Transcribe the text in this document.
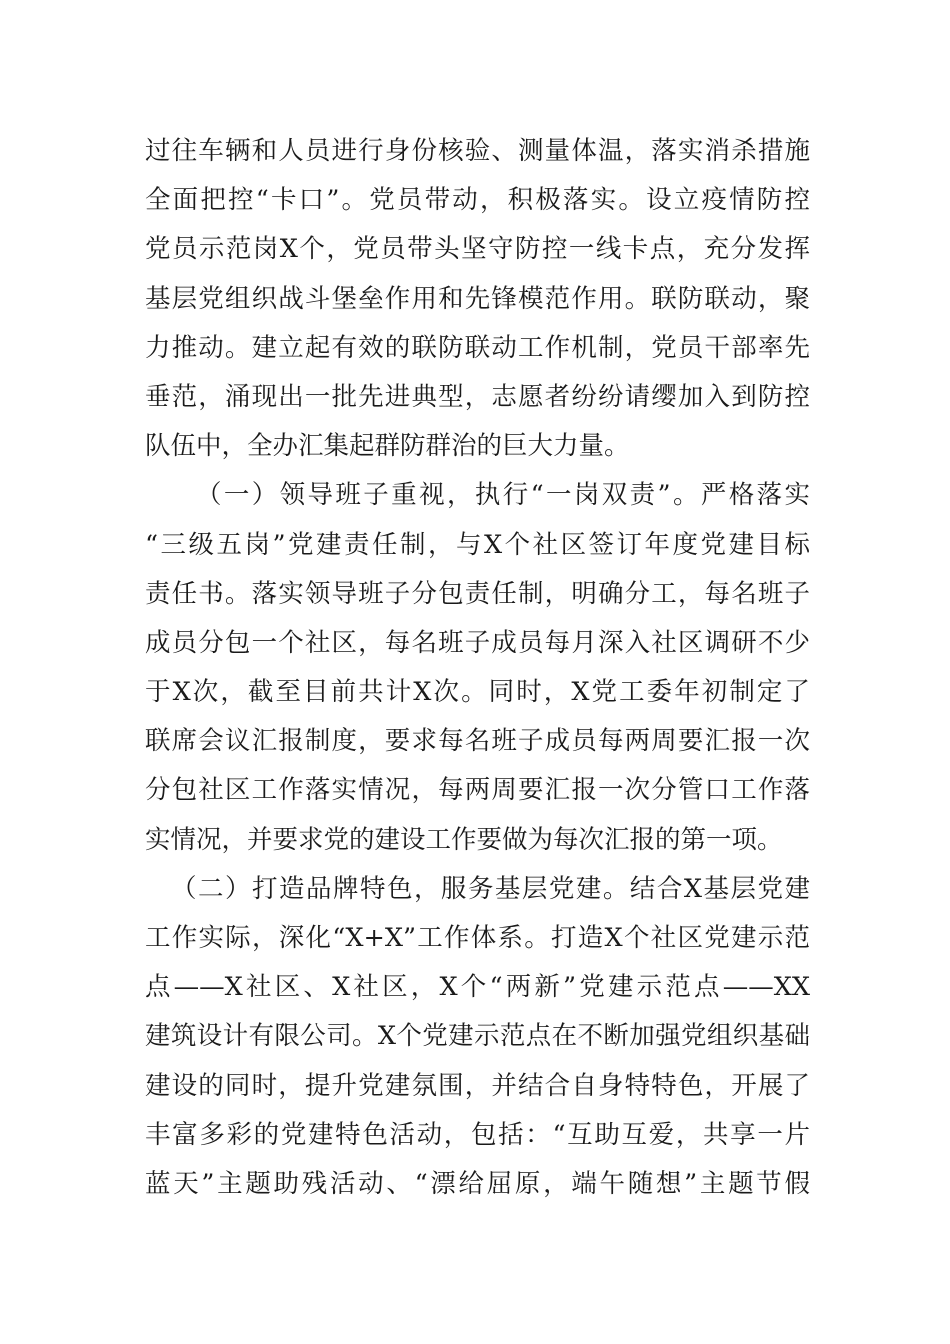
过往车辆和人员进行身份核验、测量体温，落实消杀措施
全面把控“卡口”。党员带动，积极落实。设立疫情防控
党员示范岗X个，党员带头坚守防控一线卡点，充分发挥
基层党组织战斗堡垒作用和先锋模范作用。联防联动，聚
力推动。建立起有效的联防联动工作机制，党员干部率先
垂范，涌现出一批先进典型，志愿者纷纷请缨加入到防控
队伍中，全办汇集起群防群治的巨大力量。
（一）领导班子重视，执行“一岗双责”。严格落实
“三级五岗”党建责任制，与X个社区签订年度党建目标
责任书。落实领导班子分包责任制，明确分工，每名班子
成员分包一个社区，每名班子成员每月深入社区调研不少
于X次，截至目前共计X次。同时，X党工委年初制定了
联席会议汇报制度，要求每名班子成员每两周要汇报一次
分包社区工作落实情况，每两周要汇报一次分管口工作落
实情况，并要求党的建设工作要做为每次汇报的第一项。
（二）打造品牌特色，服务基层党建。结合X基层党建
工作实际，深化“X+X”工作体系。打造X个社区党建示范
点——X社区、X社区，X个“两新”党建示范点——XX
建筑设计有限公司。X个党建示范点在不断加强党组织基础
建设的同时，提升党建氛围，并结合自身特特色，开展了
丰富多彩的党建特色活动，包括：“互助互爱，共享一片
蓝天”主题助残活动、“漂给屈原，端午随想”主题节假
